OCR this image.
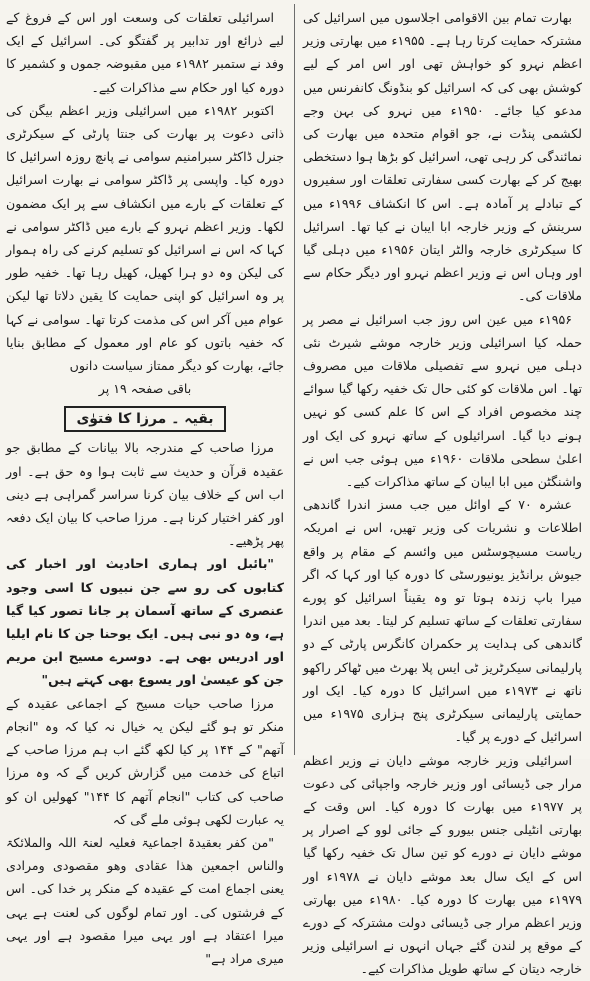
بھارت تمام بین الاقوامی اجلاسوں میں اسرائیل کی مشترکہ حمایت کرتا رہا ہے۔ ۱۹۵۵ء میں بھارتی وزیر اعظم نہرو کو خواہش تھی اور اس امر کے لیے کوشش بھی کی کہ اسرائیل کو بنڈونگ کانفرنس میں مدعو کیا جائے۔ ۱۹۵۰ء میں نہرو کی بہن وجے لکشمی پنڈت نے، جو اقوام متحدہ میں بھارت کی نمائندگی کر رہی تھی، اسرائیل کو بڑھا ہوا دستخطی بھیج کر کے بھارت کسی سفارتی تعلقات اور سفیروں کے تبادلے پر آمادہ ہے۔ اس کا انکشاف ۱۹۹۶ء میں سرینش کے وزیر خارجہ ابا ایبان نے کیا تھا۔ اسرائیل کا سیکرٹری خارجہ والٹر ایتان ۱۹۵۶ء میں دہلی گیا اور وہاں اس نے وزیر اعظم نہرو اور دیگر حکام سے ملاقات کی۔

۱۹۵۶ء میں عین اس روز جب اسرائیل نے مصر پر حملہ کیا اسرائیلی وزیر خارجہ موشے شیرٹ نئی دہلی میں نہرو سے تفصیلی ملاقات میں مصروف تھا۔ اس ملاقات کو کئی حال تک خفیہ رکھا گیا سوائے چند مخصوص افراد کے اس کا علم کسی کو نہیں ہونے دیا گیا۔ اسرائیلوں کے ساتھ نہرو کی ایک اور اعلیٰ سطحی ملاقات ۱۹۶۰ء میں ہوئی جب اس نے واشنگٹن میں ابا ایبان کے ساتھ مذاکرات کیے۔

عشرہ ۷۰ کے اوائل میں جب مسز اندرا گاندھی اطلاعات و نشریات کی وزیر تھیں، اس نے امریکہ ریاست مسیچوسٹس میں وائسم کے مقام پر واقع جیوش برانڈیز یونیورسٹی کا دورہ کیا اور کہا کہ اگر میرا باپ زندہ ہوتا تو وہ یقیناً اسرائیل کو پورے سفارتی تعلقات کے ساتھ تسلیم کر لیتا۔ بعد میں اندرا گاندھی کی ہدایت پر حکمران کانگرس پارٹی کے دو پارلیمانی سیکرٹریز ٹی ایس پلا بھرٹ میں ٹھاکر راکھو ناتھ نے ۱۹۷۳ء میں اسرائیل کا دورہ کیا۔ ایک اور حمایتی پارلیمانی سیکرٹری پنج ہزاری ۱۹۷۵ء میں اسرائیل کے دورے پر گیا۔

اسرائیلی وزیر خارجہ موشے دایان نے وزیر اعظم مرار جی ڈیسائی اور وزیر خارجہ واجپائی کی دعوت پر ۱۹۷۷ء میں بھارت کا دورہ کیا۔ اس وقت کے بھارتی انٹیلی جنس بیورو کے جائی لوو کے اصرار پر موشے دایان نے دورے کو تین سال تک خفیہ رکھا گیا اس کے ایک سال بعد موشے دایان نے ۱۹۷۸ء اور ۱۹۷۹ء میں بھارت کا دورہ کیا۔ ۱۹۸۰ء میں بھارتی وزیر اعظم مرار جی ڈیسائی دولت مشترکہ کے دورے کے موقع پر لندن گئے جہاں انہوں نے اسرائیلی وزیر خارجہ دیتان کے ساتھ طویل مذاکرات کیے۔

اسرائیلی تعلقات کی وسعت اور اس کے فروغ کے لیے ذرائع اور تدابیر پر گفتگو کی۔ اسرائیل کے ایک وفد نے ستمبر ۱۹۸۲ء میں مقبوضہ جموں و کشمیر کا دورہ کیا اور حکام سے مذاکرات کیے۔

اکتوبر ۱۹۸۲ء میں اسرائیلی وزیر اعظم بیگن کی ذاتی دعوت پر بھارت کی جنتا پارٹی کے سیکرٹری جنرل ڈاکٹر سبرامنیم سوامی نے پانچ روزہ اسرائیل کا دورہ کیا۔ واپسی پر ڈاکٹر سوامی نے بھارت اسرائیل کے تعلقات کے بارے میں انکشاف سے پر ایک مضمون لکھا۔ وزیر اعظم نہرو کے بارے میں ڈاکٹر سوامی نے کہا کہ اس نے اسرائیل کو تسلیم کرنے کی راہ ہموار کی لیکن وہ دو ہرا کھیل، کھیل رہا تھا۔ خفیہ طور پر وہ اسرائیل کو اپنی حمایت کا یقین دلاتا تھا لیکن عوام میں آکر اس کی مذمت کرتا تھا۔ سوامی نے کہا کہ خفیہ باتوں کو عام اور معمول کے مطابق بنایا جائے، بھارت کو دیگر ممتاز سیاست دانوں

باقی صفحہ ۱۹ پر

بقیہ ۔ مرزا کا فتوٰی

مرزا صاحب کے مندرجہ بالا بیانات کے مطابق جو عقیدہ قرآن و حدیث سے ثابت ہوا وہ حق ہے۔ اور اب اس کے خلاف بیان کرنا سراسر گمراہی ہے دینی اور کفر اختیار کرنا ہے۔ مرزا صاحب کا بیان ایک دفعہ پھر پڑھیے۔

"بائبل اور ہماری احادیث اور اخبار کی کتابوں کی رو سے جن نبیوں کا اسی وجود عنصری کے ساتھ آسمان پر جانا تصور کیا گیا ہے، وہ دو نبی ہیں۔ ایک یوحنا جن کا نام ایلیا اور ادریس بھی ہے۔ دوسرے مسیح ابن مریم جن کو عیسیٰ اور یسوع بھی کہتے ہیں"

مرزا صاحب حیات مسیح کے اجماعی عقیدہ کے منکر تو ہو گئے لیکن یہ خیال نہ کیا کہ وہ "انجام آتھم" کے ۱۴۴ پر کیا لکھ گئے اب ہم مرزا صاحب کے اتباع کی خدمت میں گزارش کریں گے کہ وہ مرزا صاحب کی کتاب "انجام آتھم کا ۱۴۴" کھولیں ان کو یہ عبارت لکھی ہوئی ملے گی کہ

"من کفر بعقیدۃ اجماعیۃ فعلیہ لعنۃ اللہ والملائکۃ والناس اجمعین ھذا عقادی وھو مقصودی ومرادی یعنی اجماع امت کے عقیدہ کے منکر پر خدا کی۔ اس کے فرشتوں کی۔ اور تمام لوگوں کی لعنت ہے یہی میرا اعتقاد ہے اور یہی میرا مقصود ہے اور یہی میری مراد ہے"
